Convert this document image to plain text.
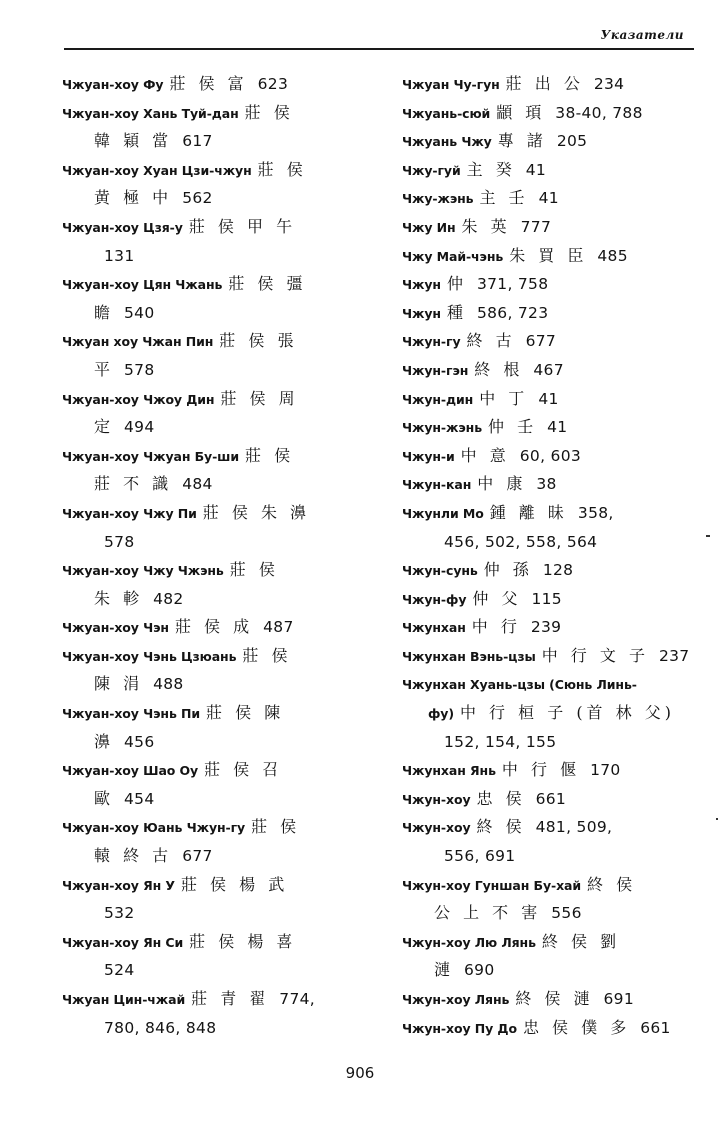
Указатели
Чжуан-хоу Фу 莊 侯 富 623
Чжуан-хоу Хань Туй-дан 莊 侯
韓 穎 當 617
Чжуан-хоу Хуан Цзи-чжун 莊 侯
黄 極 中 562
Чжуан-хоу Цзя-у 莊 侯 甲 午
131
Чжуан-хоу Цян Чжань 莊 侯 彊
瞻 540
Чжуан хоу Чжан Пин 莊 侯 張
平 578
Чжуан-хоу Чжоу Дин 莊 侯 周
定 494
Чжуан-хоу Чжуан Бу-ши 莊 侯
莊 不 識 484
Чжуан-хоу Чжу Пи 莊 侯 朱 濞
578
Чжуан-хоу Чжу Чжэнь 莊 侯
朱 軫 482
Чжуан-хоу Чэн 莊 侯 成 487
Чжуан-хоу Чэнь Цзюань 莊 侯
陳 涓 488
Чжуан-хоу Чэнь Пи 莊 侯 陳
濞 456
Чжуан-хоу Шао Оу 莊 侯 召
歐 454
Чжуан-хоу Юань Чжун-гу 莊 侯
轅 終 古 677
Чжуан-хоу Ян У 莊 侯 楊 武
532
Чжуан-хоу Ян Си 莊 侯 楊 喜
524
Чжуан Цин-чжай 莊 青 翟 774,
780, 846, 848
Чжуан Чу-гун 莊 出 公 234
Чжуань-сюй 顓 頊 38-40, 788
Чжуань Чжу 專 諸 205
Чжу-гуй 主 癸 41
Чжу-жэнь 主 壬 41
Чжу Ин 朱 英 777
Чжу Май-чэнь 朱 買 臣 485
Чжун 仲 371, 758
Чжун 種 586, 723
Чжун-гу 終 古 677
Чжун-гэн 終 根 467
Чжун-дин 中 丁 41
Чжун-жэнь 仲 壬 41
Чжун-и 中 意 60, 603
Чжун-кан 中 康 38
Чжунли Мо 鍾 離 昧 358,
456, 502, 558, 564
Чжун-сунь 仲 孫 128
Чжун-фу 仲 父 115
Чжунхан 中 行 239
Чжунхан Вэнь-цзы 中 行 文 子 237
Чжунхан Хуань-цзы (Сюнь Линь-
фу) 中 行 桓 子 (首 林 父)
152, 154, 155
Чжунхан Янь 中 行 偃 170
Чжун-хоу 忠 侯 661
Чжун-хоу 終 侯 481, 509,
556, 691
Чжун-хоу Гуншан Бу-хай 終 侯
公 上 不 害 556
Чжун-хоу Лю Лянь 終 侯 劉
漣 690
Чжун-хоу Лянь 終 侯 漣 691
Чжун-хоу Пу До 忠 侯 僕 多 661
906
